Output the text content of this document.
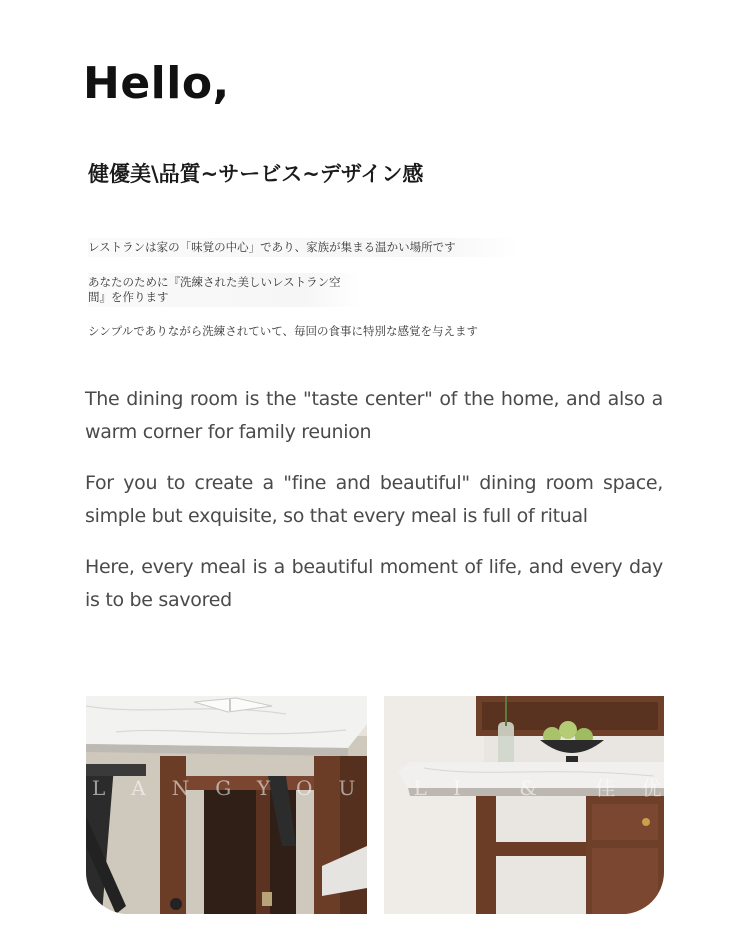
Hello,
健優美\品質~サービス~デザイン感

レストランは家の「味覚の中心」であり、家族が集まる温かい場所です

あなたのために『洗練された美しいレストラン空
間』を作ります

シンプルでありながら洗練されていて、毎回の食事に特別な感覚を与えます

The dining room is the "taste center" of the home, and also a warm corner for family reunion

For you to create a "fine and beautiful" dining room space, simple but exquisite, so that every meal is full of ritual

Here, every meal is a beautiful moment of life, and every day is to be savored

LANGYOU LI & 佳优
